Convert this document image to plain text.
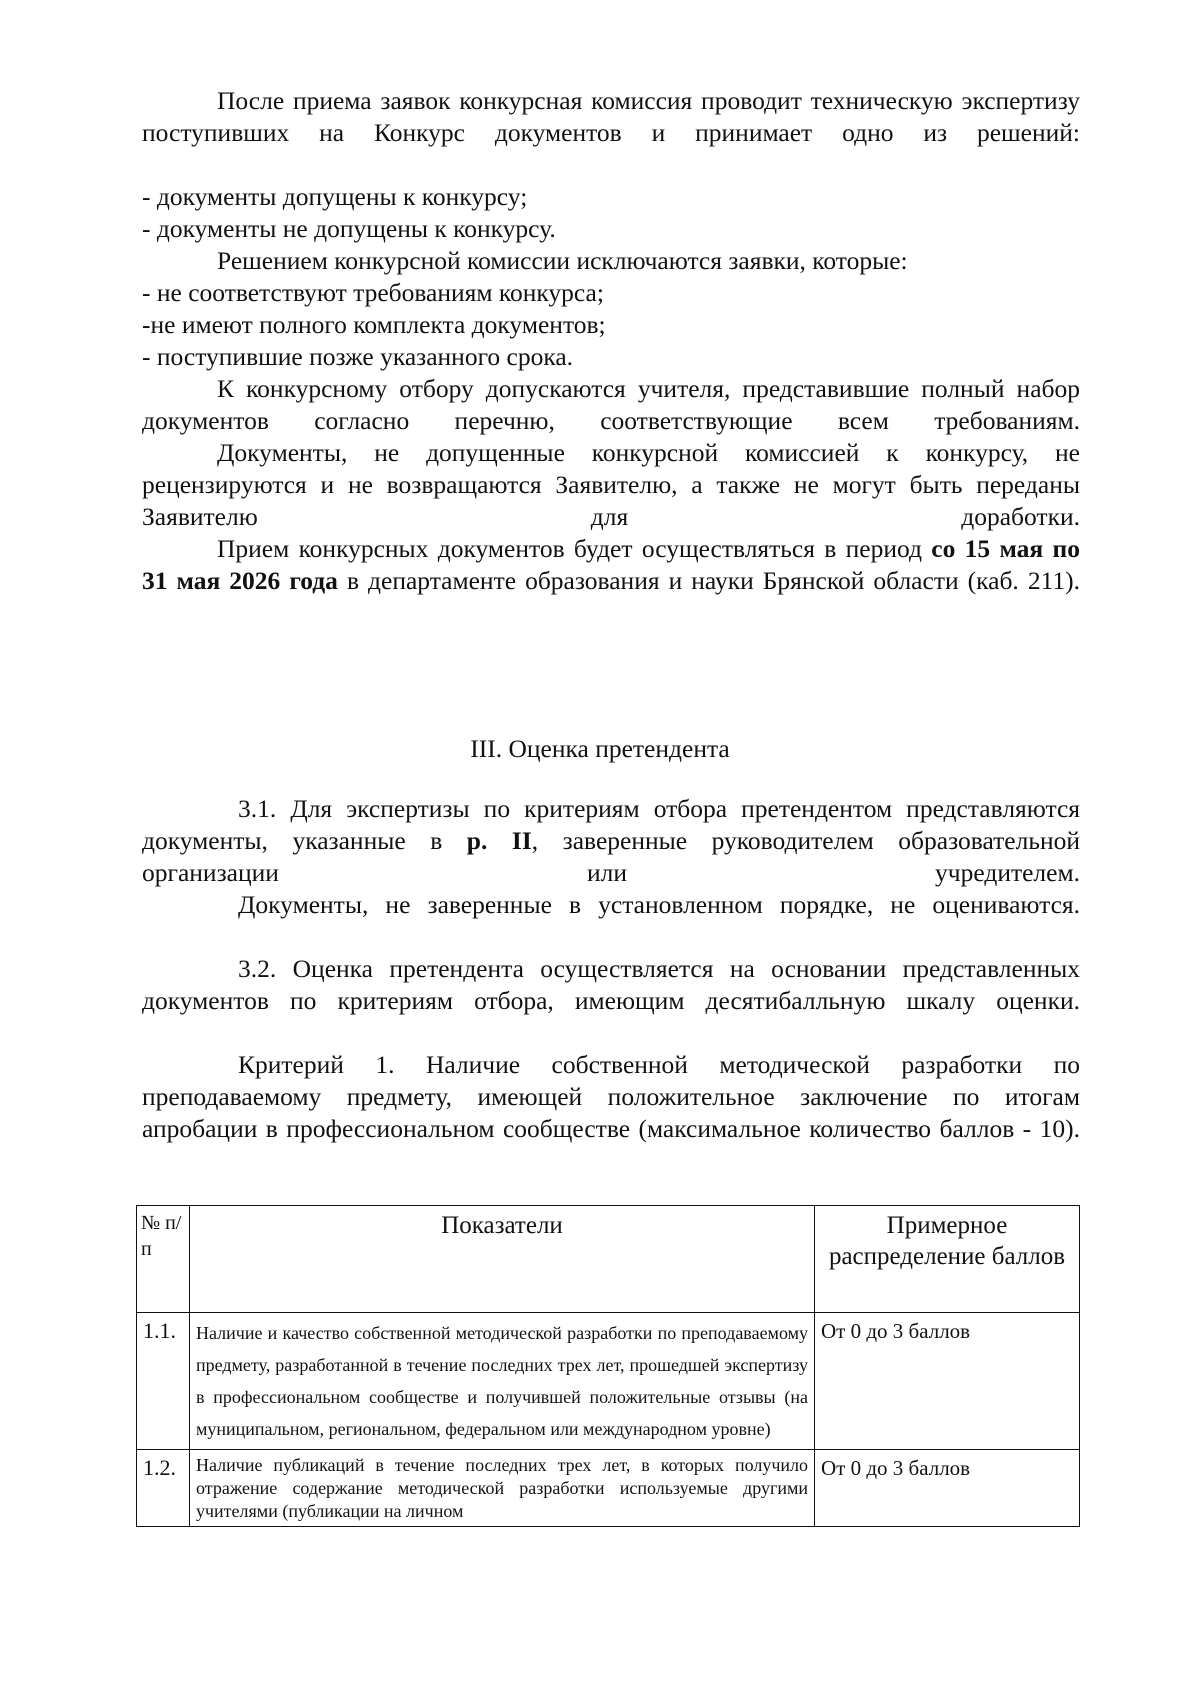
После приема заявок конкурсная комиссия проводит техническую экспертизу поступивших на Конкурс документов и принимает одно из решений:

- документы допущены к конкурсу;

- документы не допущены к конкурсу.

Решением конкурсной комиссии исключаются заявки, которые:

- не соответствуют требованиям конкурса;

-не имеют полного комплекта документов;

- поступившие позже указанного срока.

К конкурсному отбору допускаются учителя, представившие полный набор документов согласно перечню, соответствующие всем требованиям.

Документы, не допущенные конкурсной комиссией к конкурсу, не рецензируются и не возвращаются Заявителю, а также не могут быть переданы Заявителю для доработки.

Прием конкурсных документов будет осуществляться в период со 15 мая по 31 мая 2026 года в департаменте образования и науки Брянской области (каб. 211).

III. Оценка претендента

3.1. Для экспертизы по критериям отбора претендентом представляются документы, указанные в р. II, заверенные руководителем образовательной организации или учредителем.

Документы, не заверенные в установленном порядке, не оцениваются.

3.2. Оценка претендента осуществляется на основании представленных документов по критериям отбора, имеющим десятибалльную шкалу оценки.

Критерий 1. Наличие собственной методической разработки по преподаваемому предмету, имеющей положительное заключение по итогам апробации в профессиональном сообществе (максимальное количество баллов - 10).

№ п/п	Показатели	Примерное распределение баллов
1.1.	Наличие и качество собственной методической разработки по преподаваемому предмету, разработанной в течение последних трех лет, прошедшей экспертизу в профессиональном сообществе и получившей положительные отзывы (на муниципальном, региональном, федеральном или международном уровне)	От 0 до 3 баллов
1.2.	Наличие публикаций в течение последних трех лет, в которых получило отражение содержание методической разработки используемые другими учителями (публикации на личном	От 0 до 3 баллов
